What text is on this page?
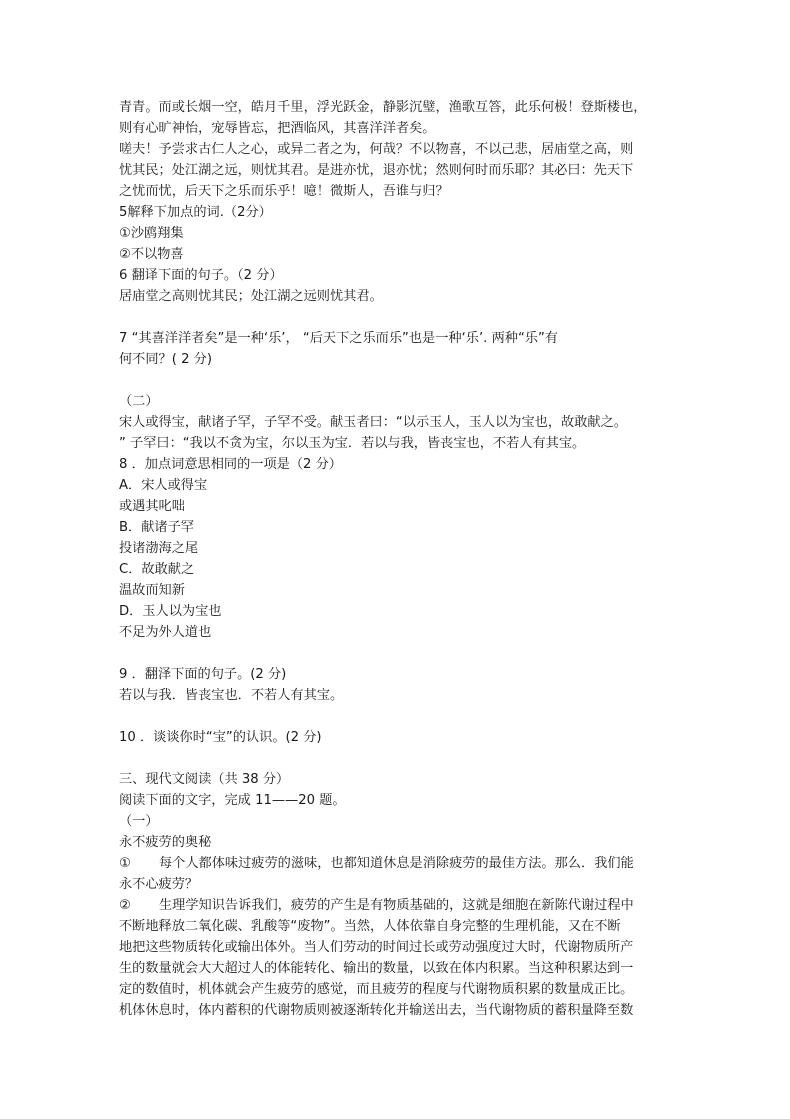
青青。而或长烟一空，皓月千里，浮光跃金，静影沉璧，渔歌互答，此乐何极！登斯楼也，
则有心旷神怡，宠辱皆忘，把酒临风，其喜洋洋者矣。
嗟夫！予尝求古仁人之心，或异二者之为，何哉？不以物喜，不以己悲，居庙堂之高，则
忧其民；处江湖之远，则忧其君。是进亦忧，退亦忧；然则何时而乐耶？其必曰：先天下
之忧而忧，后天下之乐而乐乎！噫！微斯人，吾谁与归？
5解释下加点的词.（2分）
①沙鸥翔集
②不以物喜
6 翻译下面的句子。（2 分）
居庙堂之高则忧其民；处江湖之远则忧其君。
7 “其喜洋洋者矣”是一种‘乐’， “后天下之乐而乐”也是一种‘乐’. 两种“乐”有
何不同？( 2 分)
（二）
宋人或得宝，献诸子罕，子罕不受。献玉者曰：“以示玉人，玉人以为宝也，故敢献之。
” 子罕曰：“我以不贪为宝，尔以玉为宝．若以与我，皆丧宝也，不若人有其宝。
8 ．加点词意思相同的一项是（2 分）
A．宋人或得宝
或遇其叱咄
B．献诸子罕
投诸渤海之尾
C．故敢献之
温故而知新
D．玉人以为宝也
不足为外人道也
9 ．翻泽下面的句子。(2 分)
若以与我．皆丧宝也．不若人有其宝。
10 ．谈谈你时“宝”的认识。(2 分)
三、现代文阅读（共 38 分）
阅读下面的文字，完成 11——20 题。
（一）
永不疲劳的奥秘
① 每个人都体味过疲劳的滋味，也都知道休息是消除疲劳的最佳方法。那么．我们能
永不心疲劳？
② 生理学知识告诉我们，疲劳的产生是有物质基础的，这就是细胞在新陈代谢过程中
不断地释放二氧化碳、乳酸等“废物”。当然，人体依靠自身完整的生理机能，又在不断
地把这些物质转化或输出体外。当人们劳动的时间过长或劳动强度过大时，代谢物质所产
生的数量就会大大超过人的体能转化、输出的数量，以致在体内积累。当这种积累达到一
定的数值时，机体就会产生疲劳的感觉，而且疲劳的程度与代谢物质积累的数量成正比。
机体休息时，体内蓄积的代谢物质则被逐渐转化并输送出去，当代谢物质的蓄积量降至数
